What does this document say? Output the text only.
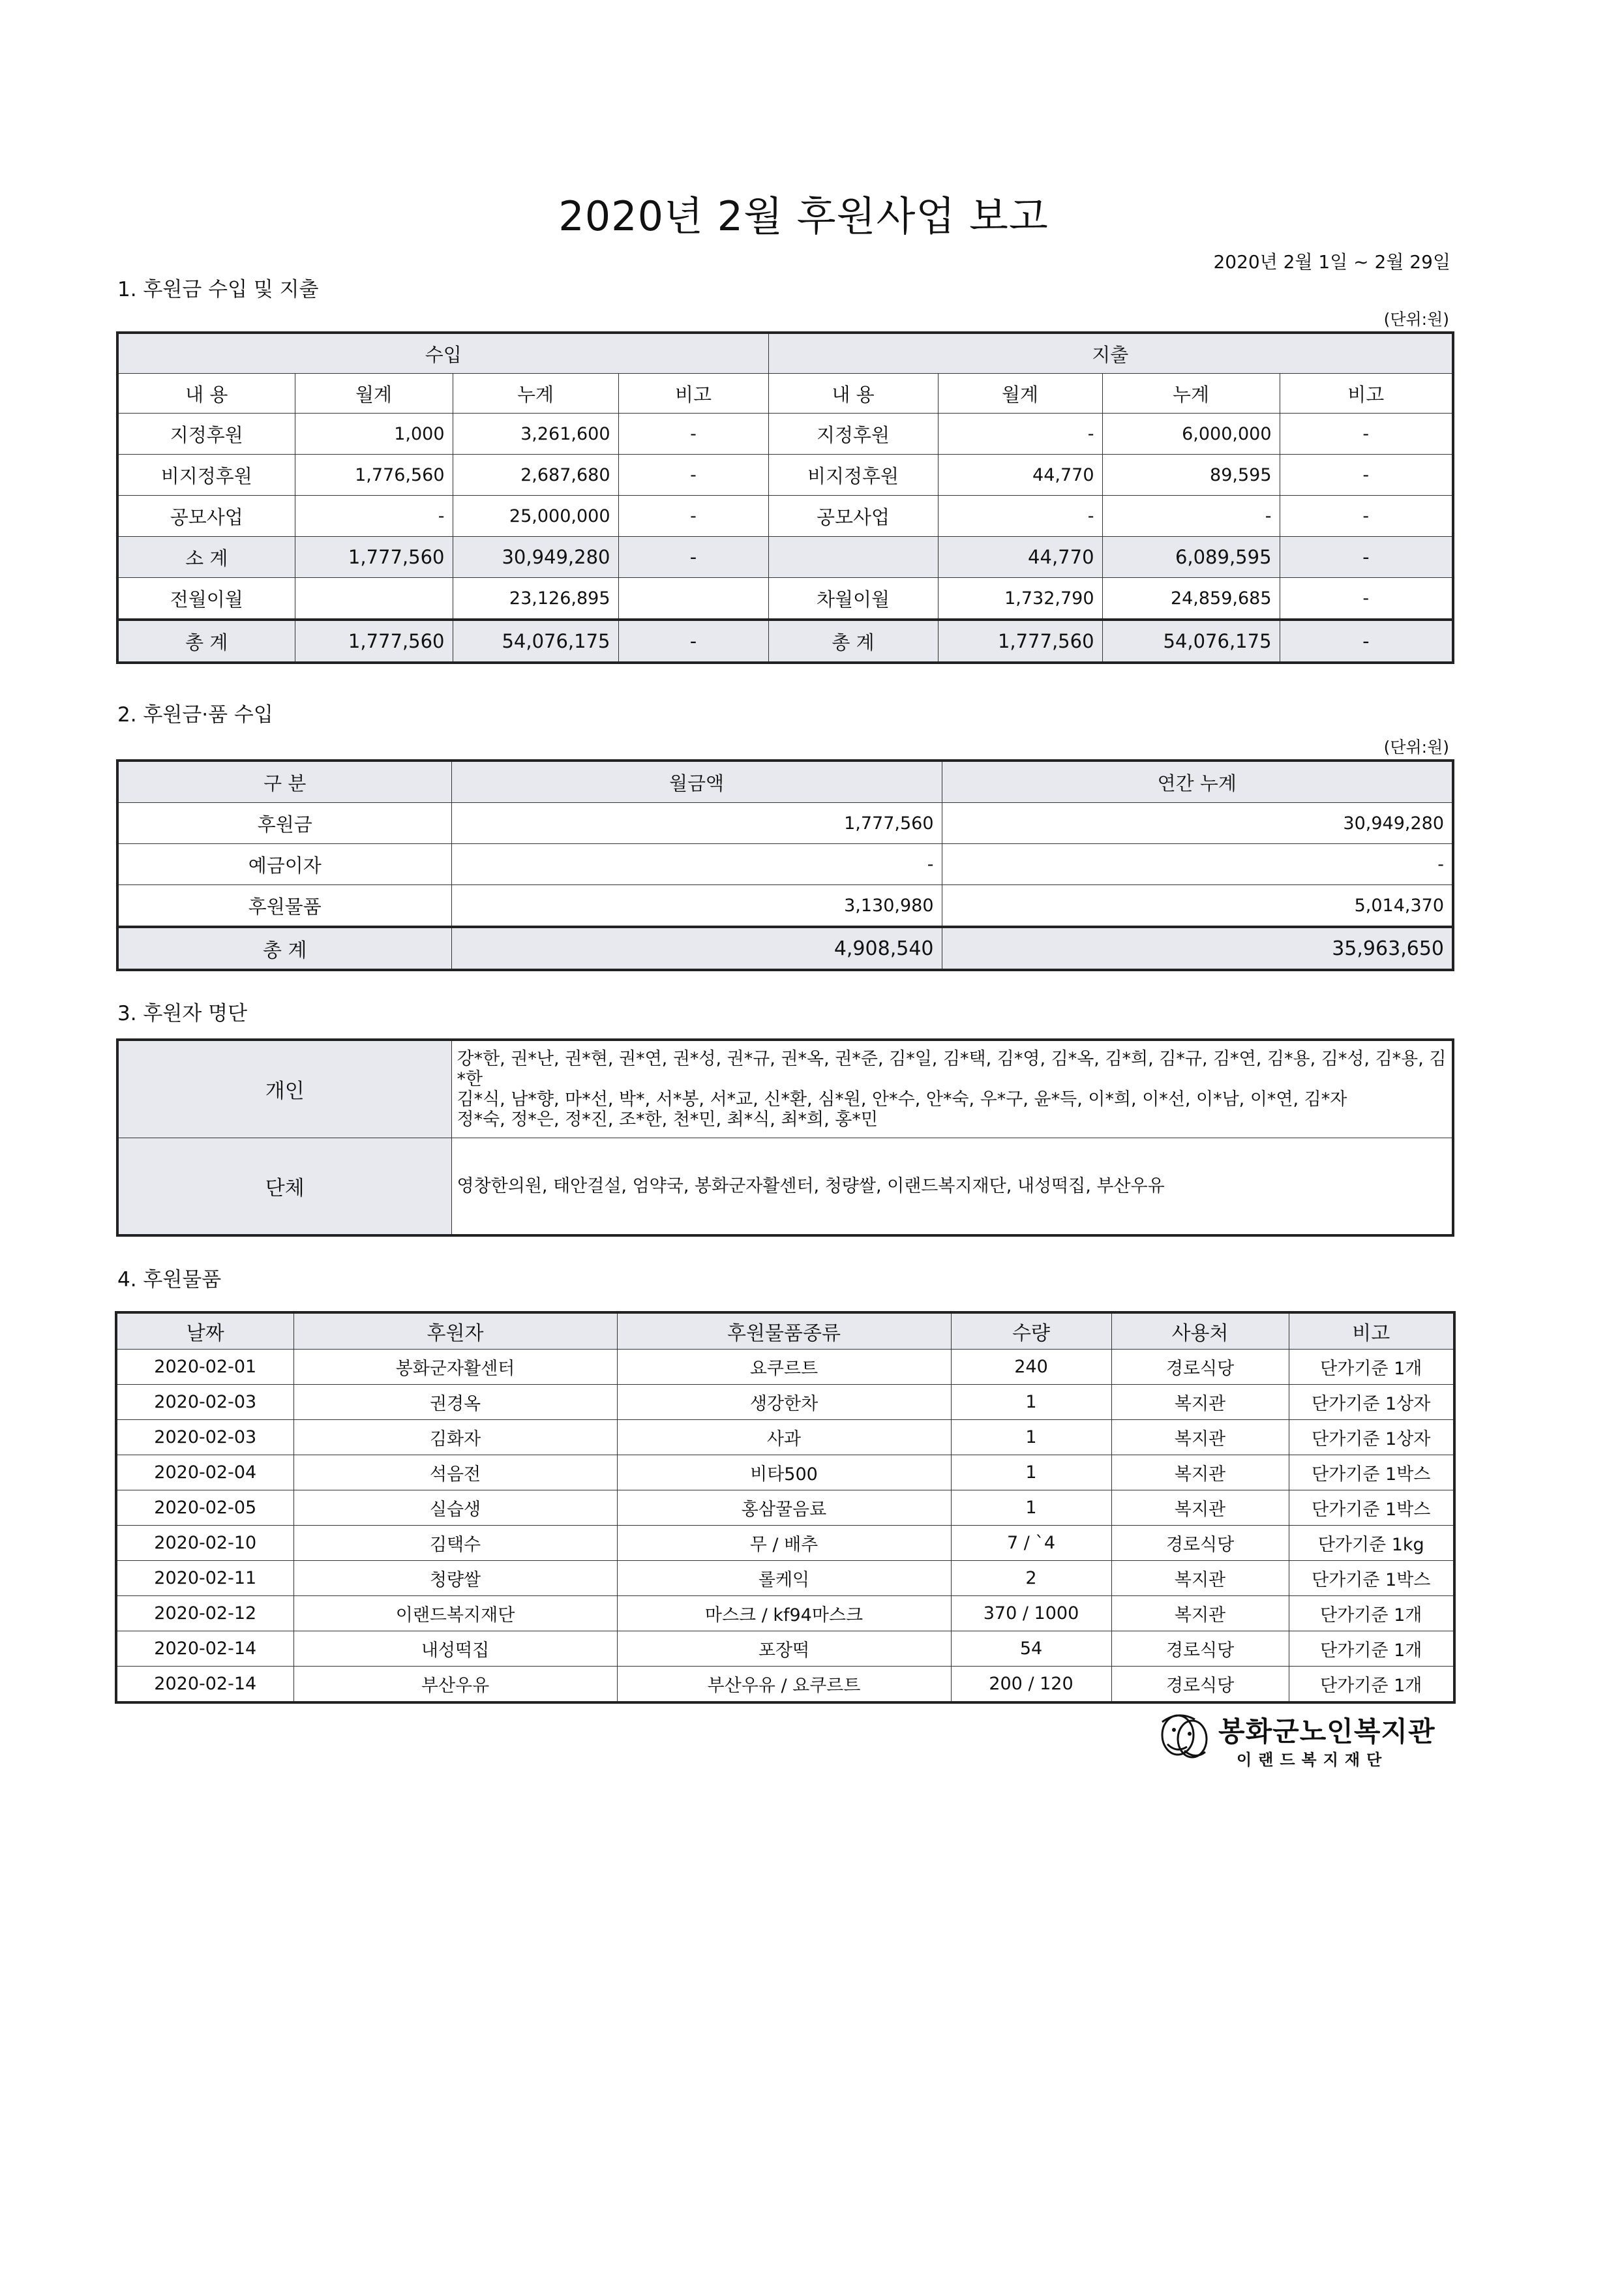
2020년 2월 후원사업 보고
2020년 2월 1일 ~ 2월 29일
1. 후원금 수입 및 지출
(단위:원)
수입				지출			
내 용	월계	누계	비고	내 용	월계	누계	비고
지정후원	1,000	3,261,600	-	지정후원	-	6,000,000	-
비지정후원	1,776,560	2,687,680	-	비지정후원	44,770	89,595	-
공모사업	-	25,000,000	-	공모사업	-	-	-
소 계	1,777,560	30,949,280	-		44,770	6,089,595	-
전월이월		23,126,895		차월이월	1,732,790	24,859,685	-
총 계	1,777,560	54,076,175	-	총 계	1,777,560	54,076,175	-
2. 후원금·품 수입
(단위:원)
구 분	월금액	연간 누계
후원금	1,777,560	30,949,280
예금이자	-	-
후원물품	3,130,980	5,014,370
총 계	4,908,540	35,963,650
3. 후원자 명단
개인	강*한, 권*난, 권*현, 권*연, 권*성, 권*규, 권*옥, 권*준, 김*일, 김*택, 김*영, 김*옥, 김*희, 김*규, 김*연, 김*용, 김*성, 김*용, 김*한
김*식, 남*향, 마*선, 박*, 서*봉, 서*교, 신*환, 심*원, 안*수, 안*숙, 우*구, 윤*득, 이*희, 이*선, 이*남, 이*연, 김*자
정*숙, 정*은, 정*진, 조*한, 천*민, 최*식, 최*희, 홍*민

단체	영창한의원, 태안걸설, 엄약국, 봉화군자활센터, 청량쌀, 이랜드복지재단, 내성떡집, 부산우유
4. 후원물품
날짜	후원자	후원물품종류	수량	사용처	비고
2020-02-01	봉화군자활센터	요쿠르트	240	경로식당	단가기준 1개
2020-02-03	권경옥	생강한차	1	복지관	단가기준 1상자
2020-02-03	김화자	사과	1	복지관	단가기준 1상자
2020-02-04	석음전	비타500	1	복지관	단가기준 1박스
2020-02-05	실습생	홍삼꿀음료	1	복지관	단가기준 1박스
2020-02-10	김택수	무 / 배추	7 / `4	경로식당	단가기준 1kg
2020-02-11	청량쌀	롤케익	2	복지관	단가기준 1박스
2020-02-12	이랜드복지재단	마스크 / kf94마스크	370 / 1000	복지관	단가기준 1개
2020-02-14	내성떡집	포장떡	54	경로식당	단가기준 1개
2020-02-14	부산우유	부산우유 / 요쿠르트	200 / 120	경로식당	단가기준 1개
봉화군노인복지관
이랜드복지재단
